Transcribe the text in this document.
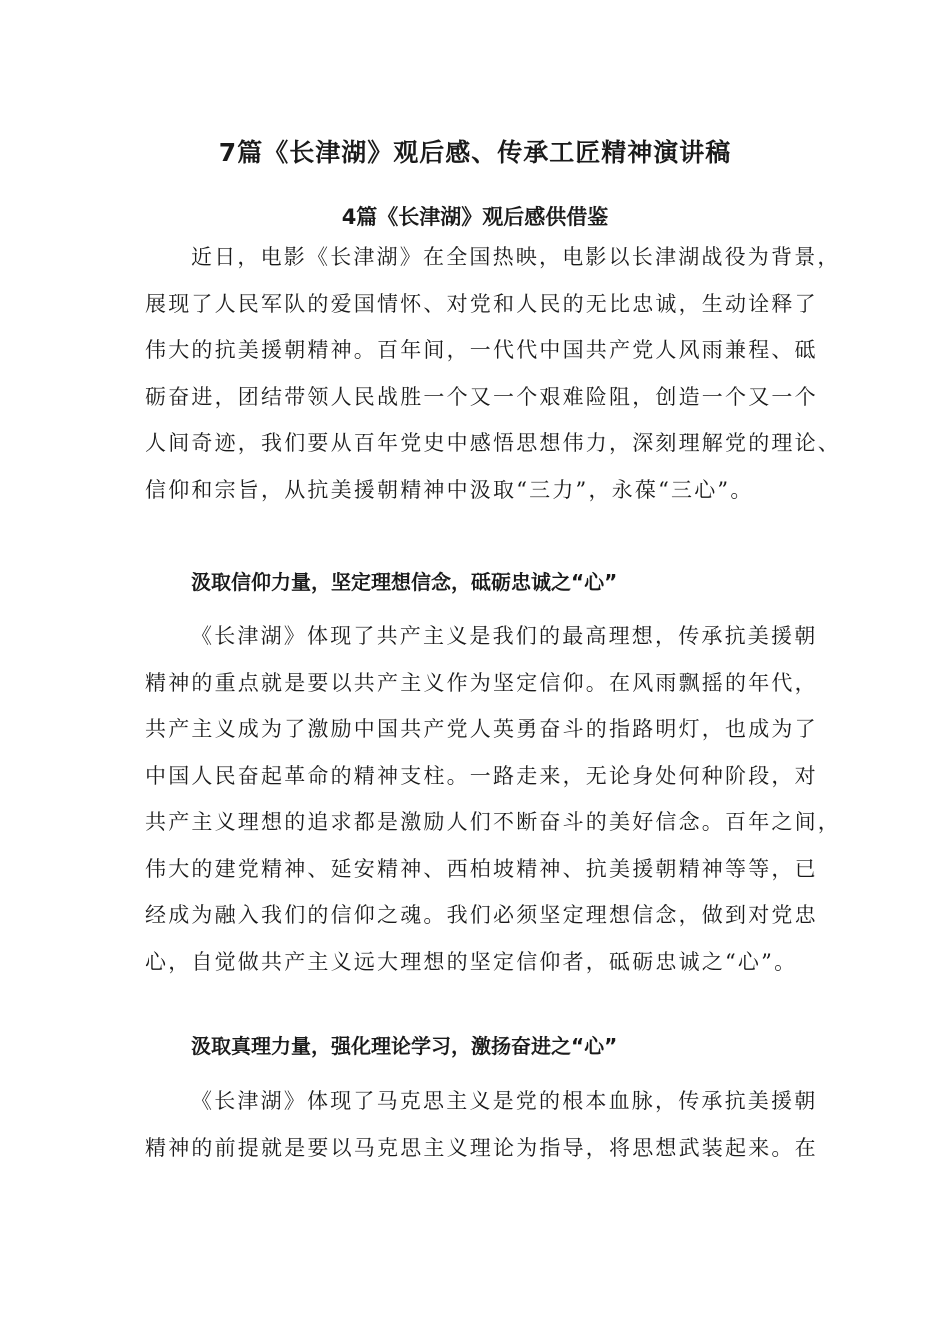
7篇《长津湖》观后感、传承工匠精神演讲稿
4篇《长津湖》观后感供借鉴
近日，电影《长津湖》在全国热映，电影以长津湖战役为背景，
展现了人民军队的爱国情怀、对党和人民的无比忠诚，生动诠释了
伟大的抗美援朝精神。百年间，一代代中国共产党人风雨兼程、砥
砺奋进，团结带领人民战胜一个又一个艰难险阻，创造一个又一个
人间奇迹，我们要从百年党史中感悟思想伟力，深刻理解党的理论、
信仰和宗旨，从抗美援朝精神中汲取“三力”，永葆“三心”。
汲取信仰力量，坚定理想信念，砥砺忠诚之“心”
《长津湖》体现了共产主义是我们的最高理想，传承抗美援朝
精神的重点就是要以共产主义作为坚定信仰。在风雨飘摇的年代，
共产主义成为了激励中国共产党人英勇奋斗的指路明灯，也成为了
中国人民奋起革命的精神支柱。一路走来，无论身处何种阶段，对
共产主义理想的追求都是激励人们不断奋斗的美好信念。百年之间，
伟大的建党精神、延安精神、西柏坡精神、抗美援朝精神等等，已
经成为融入我们的信仰之魂。我们必须坚定理想信念，做到对党忠
心，自觉做共产主义远大理想的坚定信仰者，砥砺忠诚之“心”。
汲取真理力量，强化理论学习，激扬奋进之“心”
《长津湖》体现了马克思主义是党的根本血脉，传承抗美援朝
精神的前提就是要以马克思主义理论为指导，将思想武装起来。在
